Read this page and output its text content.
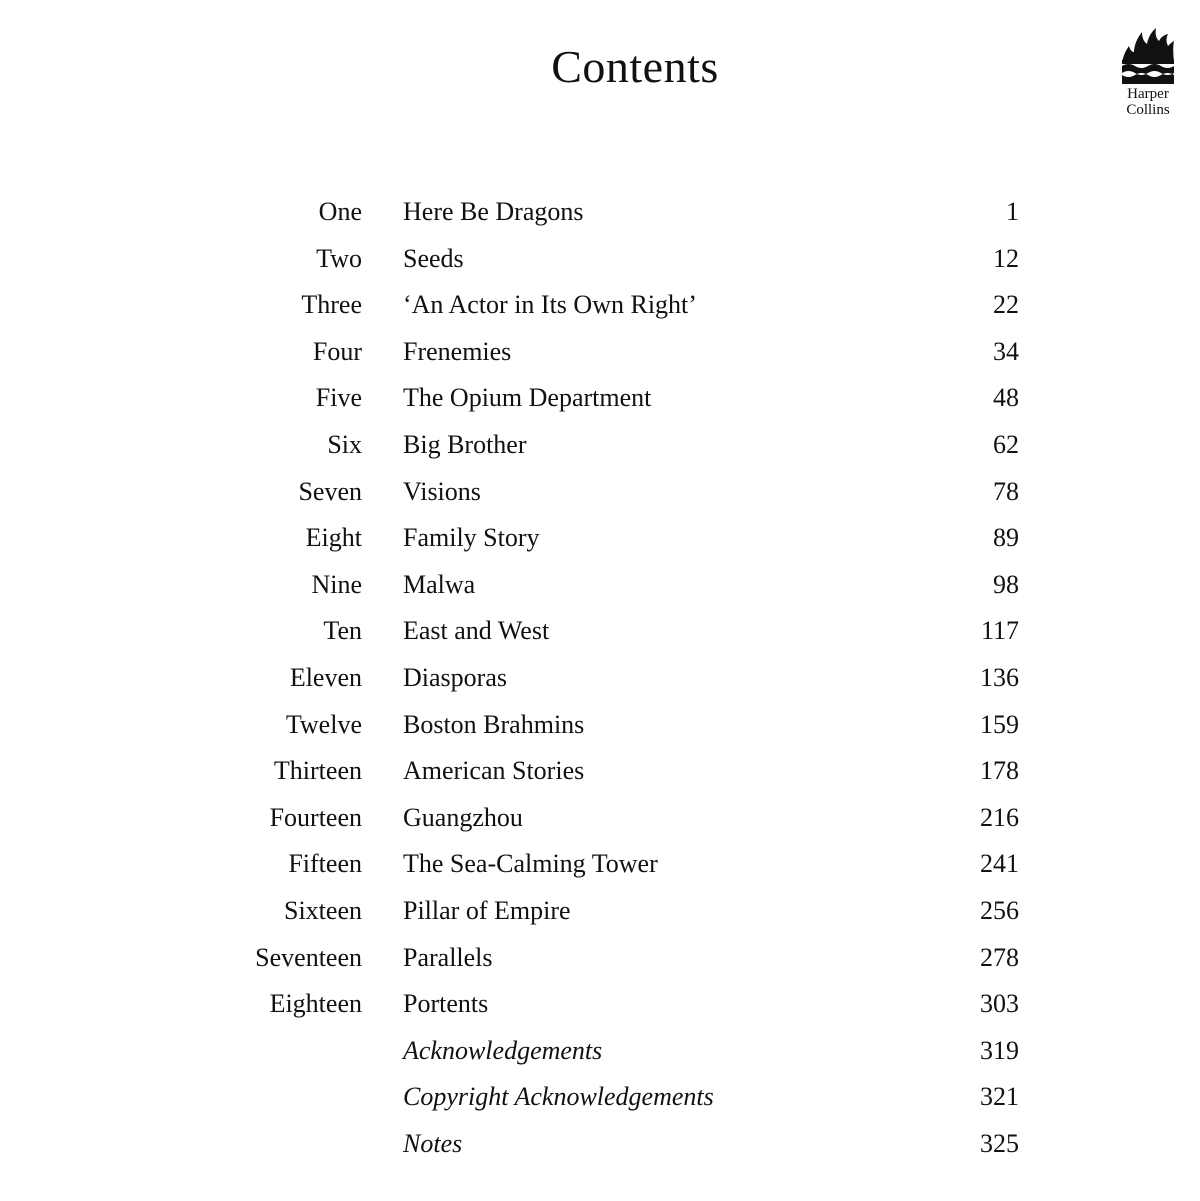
Contents
Harper
Collins
One Here Be Dragons	1
Two Seeds	12
Three ‘An Actor in Its Own Right’	22
Four Frenemies	34
Five The Opium Department	48
Six Big Brother	62
Seven Visions	78
Eight Family Story	89
Nine Malwa	98
Ten East and West	117
Eleven Diasporas	136
Twelve Boston Brahmins	159
Thirteen American Stories	178
Fourteen Guangzhou	216
Fifteen The Sea-Calming Tower	241
Sixteen Pillar of Empire	256
Seventeen Parallels	278
Eighteen Portents	303
Acknowledgements	319
Copyright Acknowledgements	321
Notes	325
